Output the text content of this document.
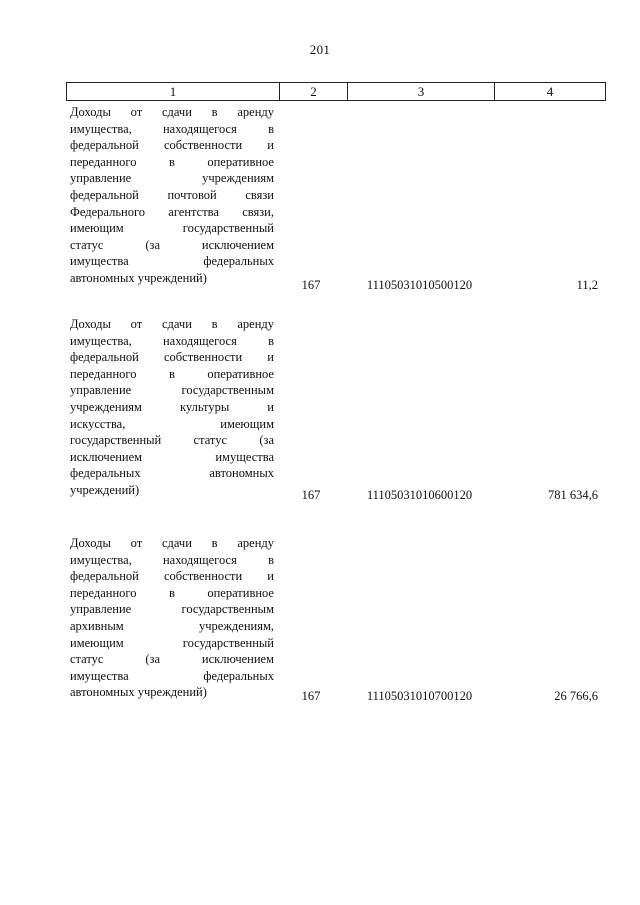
201
1	2	3	4
Доходы от сдачи в аренду
имущества, находящегося в
федеральной собственности и
переданного в оперативное
управление учреждениям
федеральной почтовой связи
Федерального агентства связи,
имеющим государственный
статус (за исключением
имущества федеральных
автономных учреждений)
167	11105031010500120	11,2
Доходы от сдачи в аренду
имущества, находящегося в
федеральной собственности и
переданного в оперативное
управление государственным
учреждениям культуры и
искусства, имеющим
государственный статус (за
исключением имущества
федеральных автономных
учреждений)	167	11105031010600120	781 634,6
Доходы от сдачи в аренду
имущества, находящегося в
федеральной собственности и
переданного в оперативное
управление государственным
архивным учреждениям,
имеющим государственный
статус (за исключением
имущества федеральных
автономных учреждений)	167	11105031010700120	26 766,6
